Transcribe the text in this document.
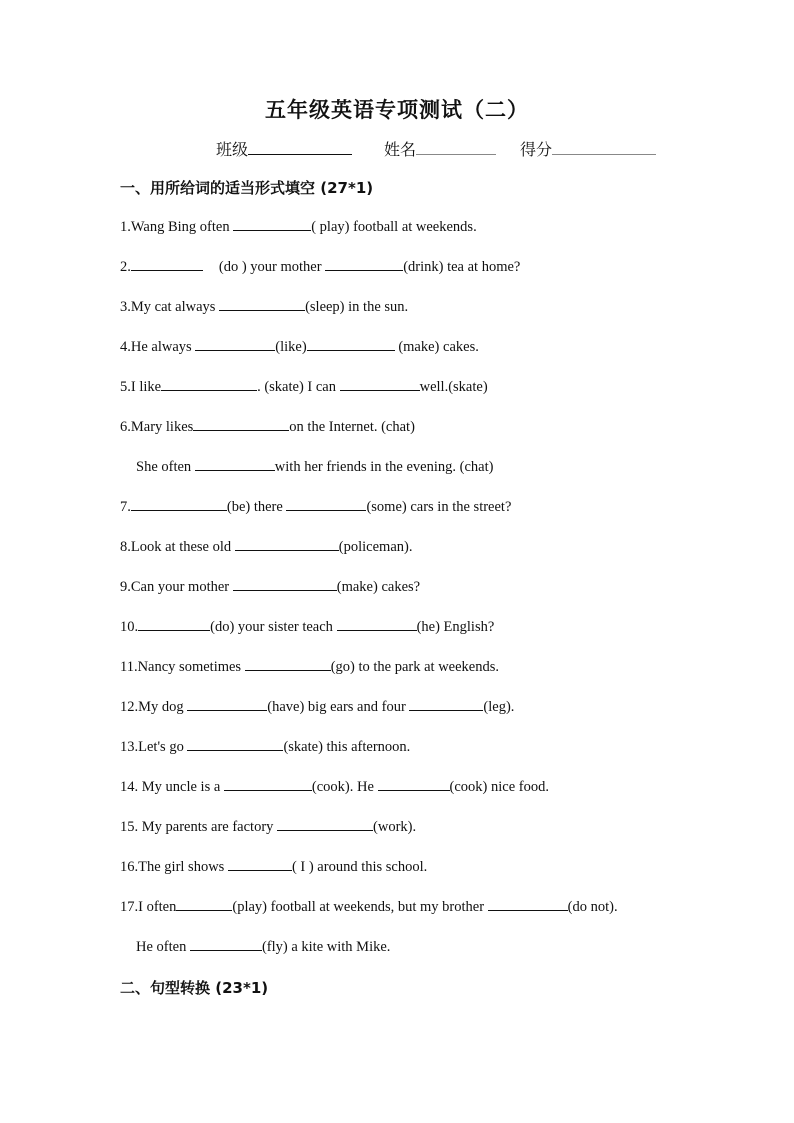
五年级英语专项测试（二）
班级	姓名	得分
一、用所给词的适当形式填空 (27*1)
1.Wang Bing often	( play) football at weekends.
2.	(do ) your mother	(drink) tea at home?
3.My cat always	(sleep) in the sun.
4.He always	(like)	(make) cakes.
5.I like	. (skate) I can	well.(skate)
6.Mary likes	on the Internet. (chat)
She often	with her friends in the evening. (chat)
7.	(be) there	(some) cars in the street?
8.Look at these old	(policeman).
9.Can your mother	(make) cakes?
10.	(do) your sister teach	(he) English?
11.Nancy sometimes	(go) to the park at weekends.
12.My dog	(have) big ears and four	(leg).
13.Let's go	(skate) this afternoon.
14. My uncle is a	(cook). He	(cook) nice food.
15. My parents are factory	(work).
16.The girl shows	( I ) around this school.
17.I often	(play) football at weekends, but my brother	(do not).
He often	(fly) a kite with Mike.
二、句型转换 (23*1)
